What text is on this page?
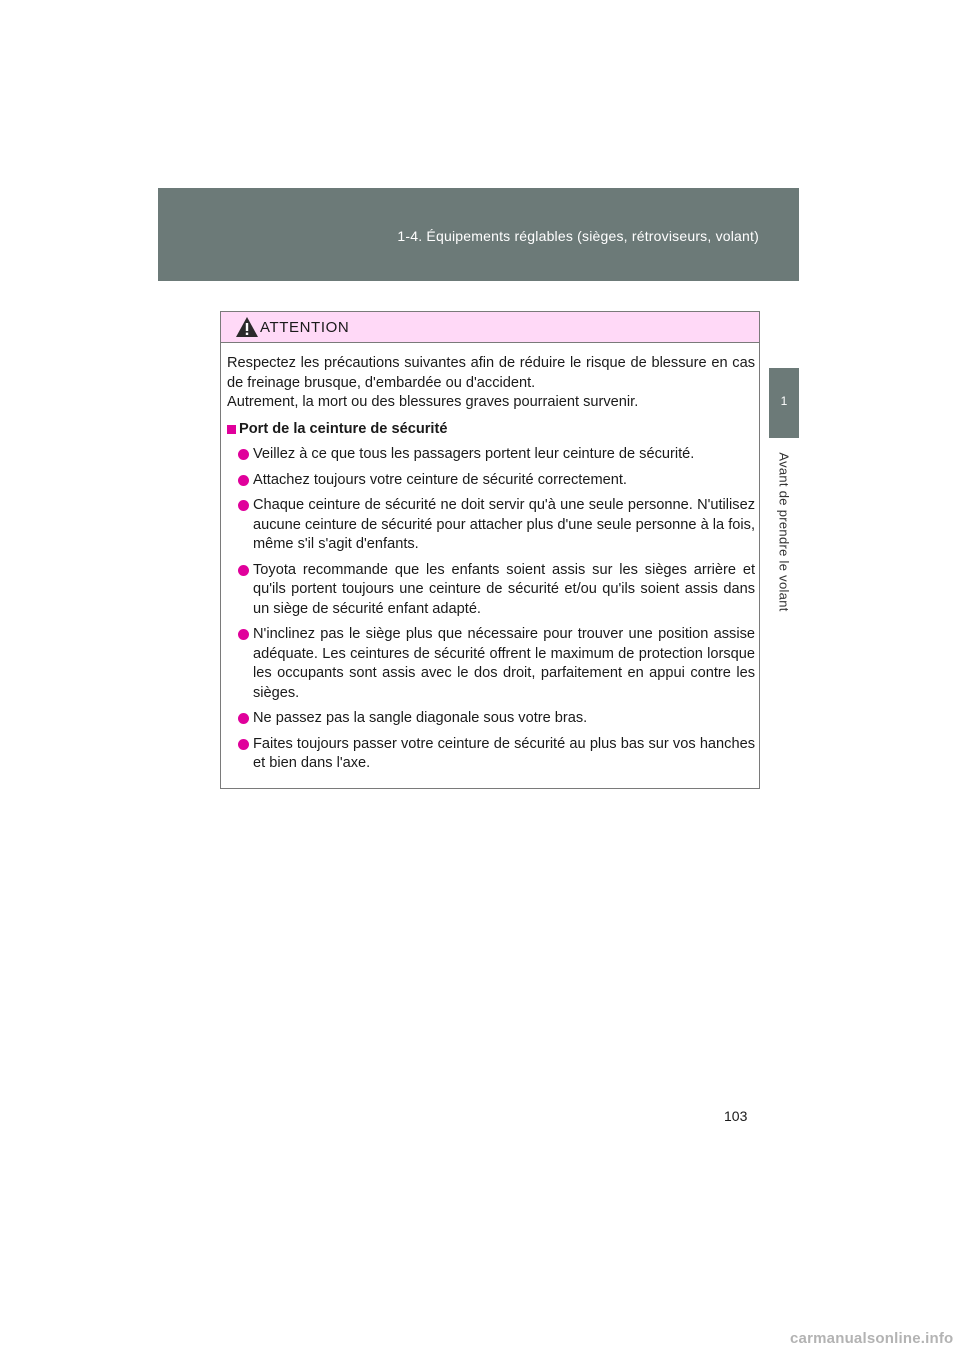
1-4. Équipements réglables (sièges, rétroviseurs, volant)
1
Avant de prendre le volant
ATTENTION

Respectez les précautions suivantes afin de réduire le risque de blessure en cas de freinage brusque, d'embardée ou d'accident.
Autrement, la mort ou des blessures graves pourraient survenir.

Port de la ceinture de sécurité
Veillez à ce que tous les passagers portent leur ceinture de sécurité.
Attachez toujours votre ceinture de sécurité correctement.
Chaque ceinture de sécurité ne doit servir qu'à une seule personne. N'utilisez aucune ceinture de sécurité pour attacher plus d'une seule personne à la fois, même s'il s'agit d'enfants.
Toyota recommande que les enfants soient assis sur les sièges arrière et qu'ils portent toujours une ceinture de sécurité et/ou qu'ils soient assis dans un siège de sécurité enfant adapté.
N'inclinez pas le siège plus que nécessaire pour trouver une position assise adéquate. Les ceintures de sécurité offrent le maximum de protection lorsque les occupants sont assis avec le dos droit, parfaitement en appui contre les sièges.
Ne passez pas la sangle diagonale sous votre bras.
Faites toujours passer votre ceinture de sécurité au plus bas sur vos hanches et bien dans l'axe.
103
carmanualsonline.info
